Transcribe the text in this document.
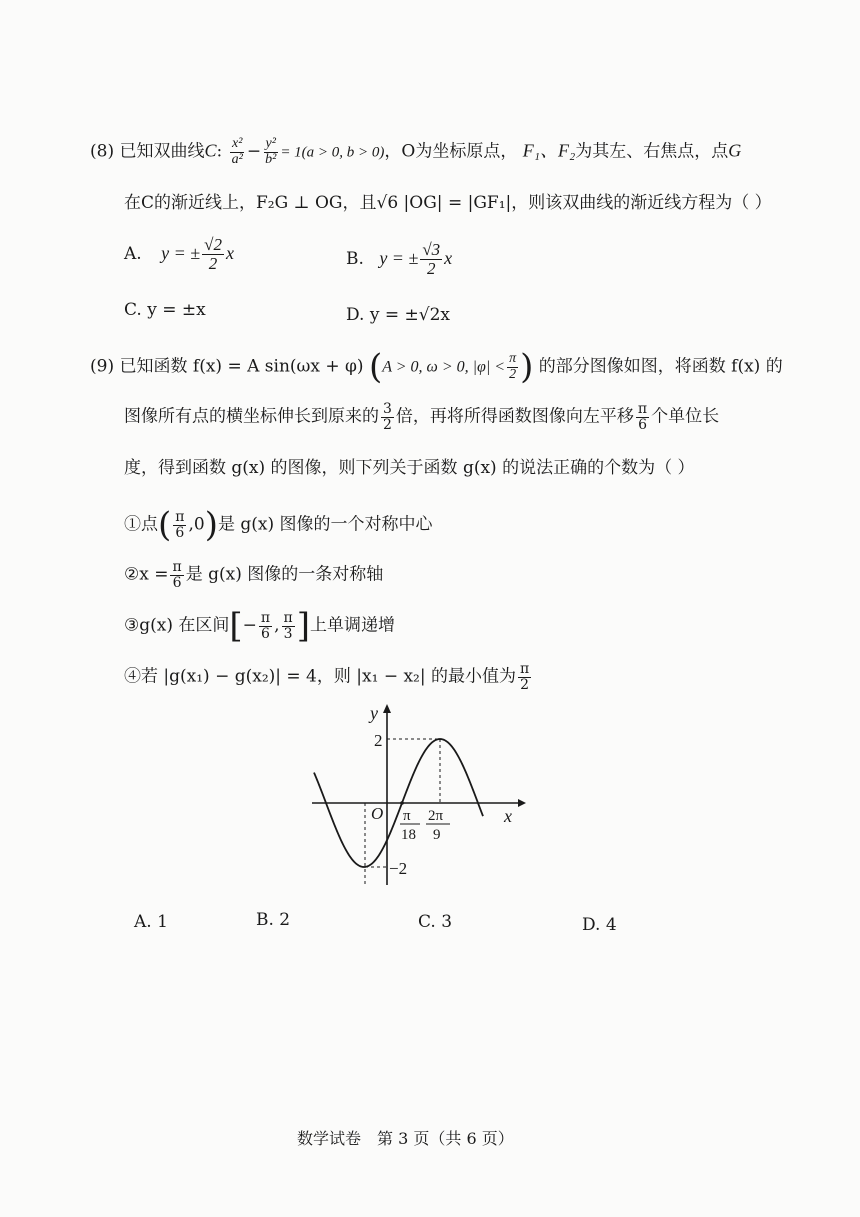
(8) 已知双曲线C: $\frac{\text{x²}}{\text{a²}} - \frac{\text{y²}}{\text{b²}} = 1(a > 0$, b > 0)，O为坐标原点， F₁、F₂为其左、右焦点，点G
在C的渐近线上，F₂G ⊥ OG，且√6 |OG| = |GF₁|，则该双曲线的渐近线方程为（ ）
A. y = ± $\frac{√2}{2}$ x	B. y = ± $\frac{√3}{2}$ x
C. y = ±x	D. y = ±√2x
(9) 已知函数 f(x) = A sin(ωx + φ) (A > 0, ω > 0, $|\varphi| < \frac{\pi}{2}$ ) 的部分图像如图，将函数 f(x) 的
图像所有点的横坐标伸长到原来的 $\frac{3}{2}$ 倍，再将所得函数图像向左平移 $\frac{\pi}{6}$ 个单位长
度，得到函数 g(x) 的图像，则下列关于函数 g(x) 的说法正确的个数为（ ）
①点( $\frac{\pi}{6} ,0$)是 g(x) 图像的一个对称中心
②x = $\frac{\pi}{6}$ 是 g(x) 图像的一条对称轴
③g(x) 在区间[− $\frac{\pi}{6}$ , $\frac{\pi}{3}$ ]上单调递增
④若 |g(x₁) − g(x₂)| = 4，则 |x₁ − x₂| 的最小值为 $\frac{\pi}{2}$
y
x
O
2
−2
π
18
2π
9
A. 1	B. 2	C. 3	D. 4
数学试卷　第 3 页（共 6 页）
